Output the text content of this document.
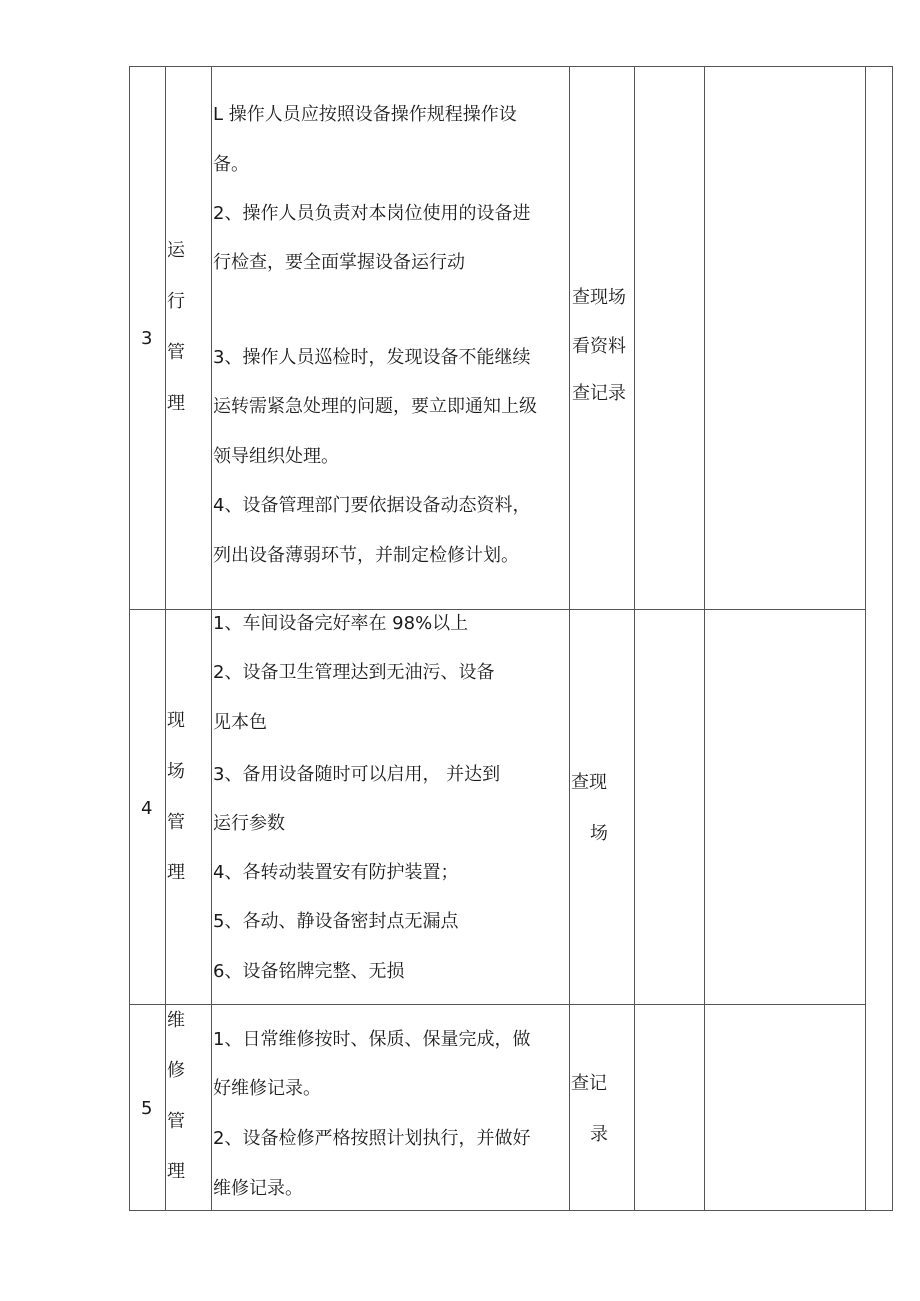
3
运
行
管
理
L 操作人员应按照设备操作规程操作设
备。
2、操作人员负责对本岗位使用的设备进
行检查，要全面掌握设备运行动
3、操作人员巡检时，发现设备不能继续
运转需紧急处理的问题，要立即通知上级
领导组织处理。
4、设备管理部门要依据设备动态资料，
列出设备薄弱环节，并制定检修计划。
查现场
看资料
查记录
4
现
场
管
理
1、车间设备完好率在 98%以上
2、设备卫生管理达到无油污、设备
见本色
3、备用设备随时可以启用， 并达到
运行参数
4、各转动装置安有防护装置；
5、各动、静设备密封点无漏点
6、设备铭牌完整、无损
查现
场
5
维
修
管
理
1、日常维修按时、保质、保量完成，做
好维修记录。
2、设备检修严格按照计划执行，并做好
维修记录。
查记
录
